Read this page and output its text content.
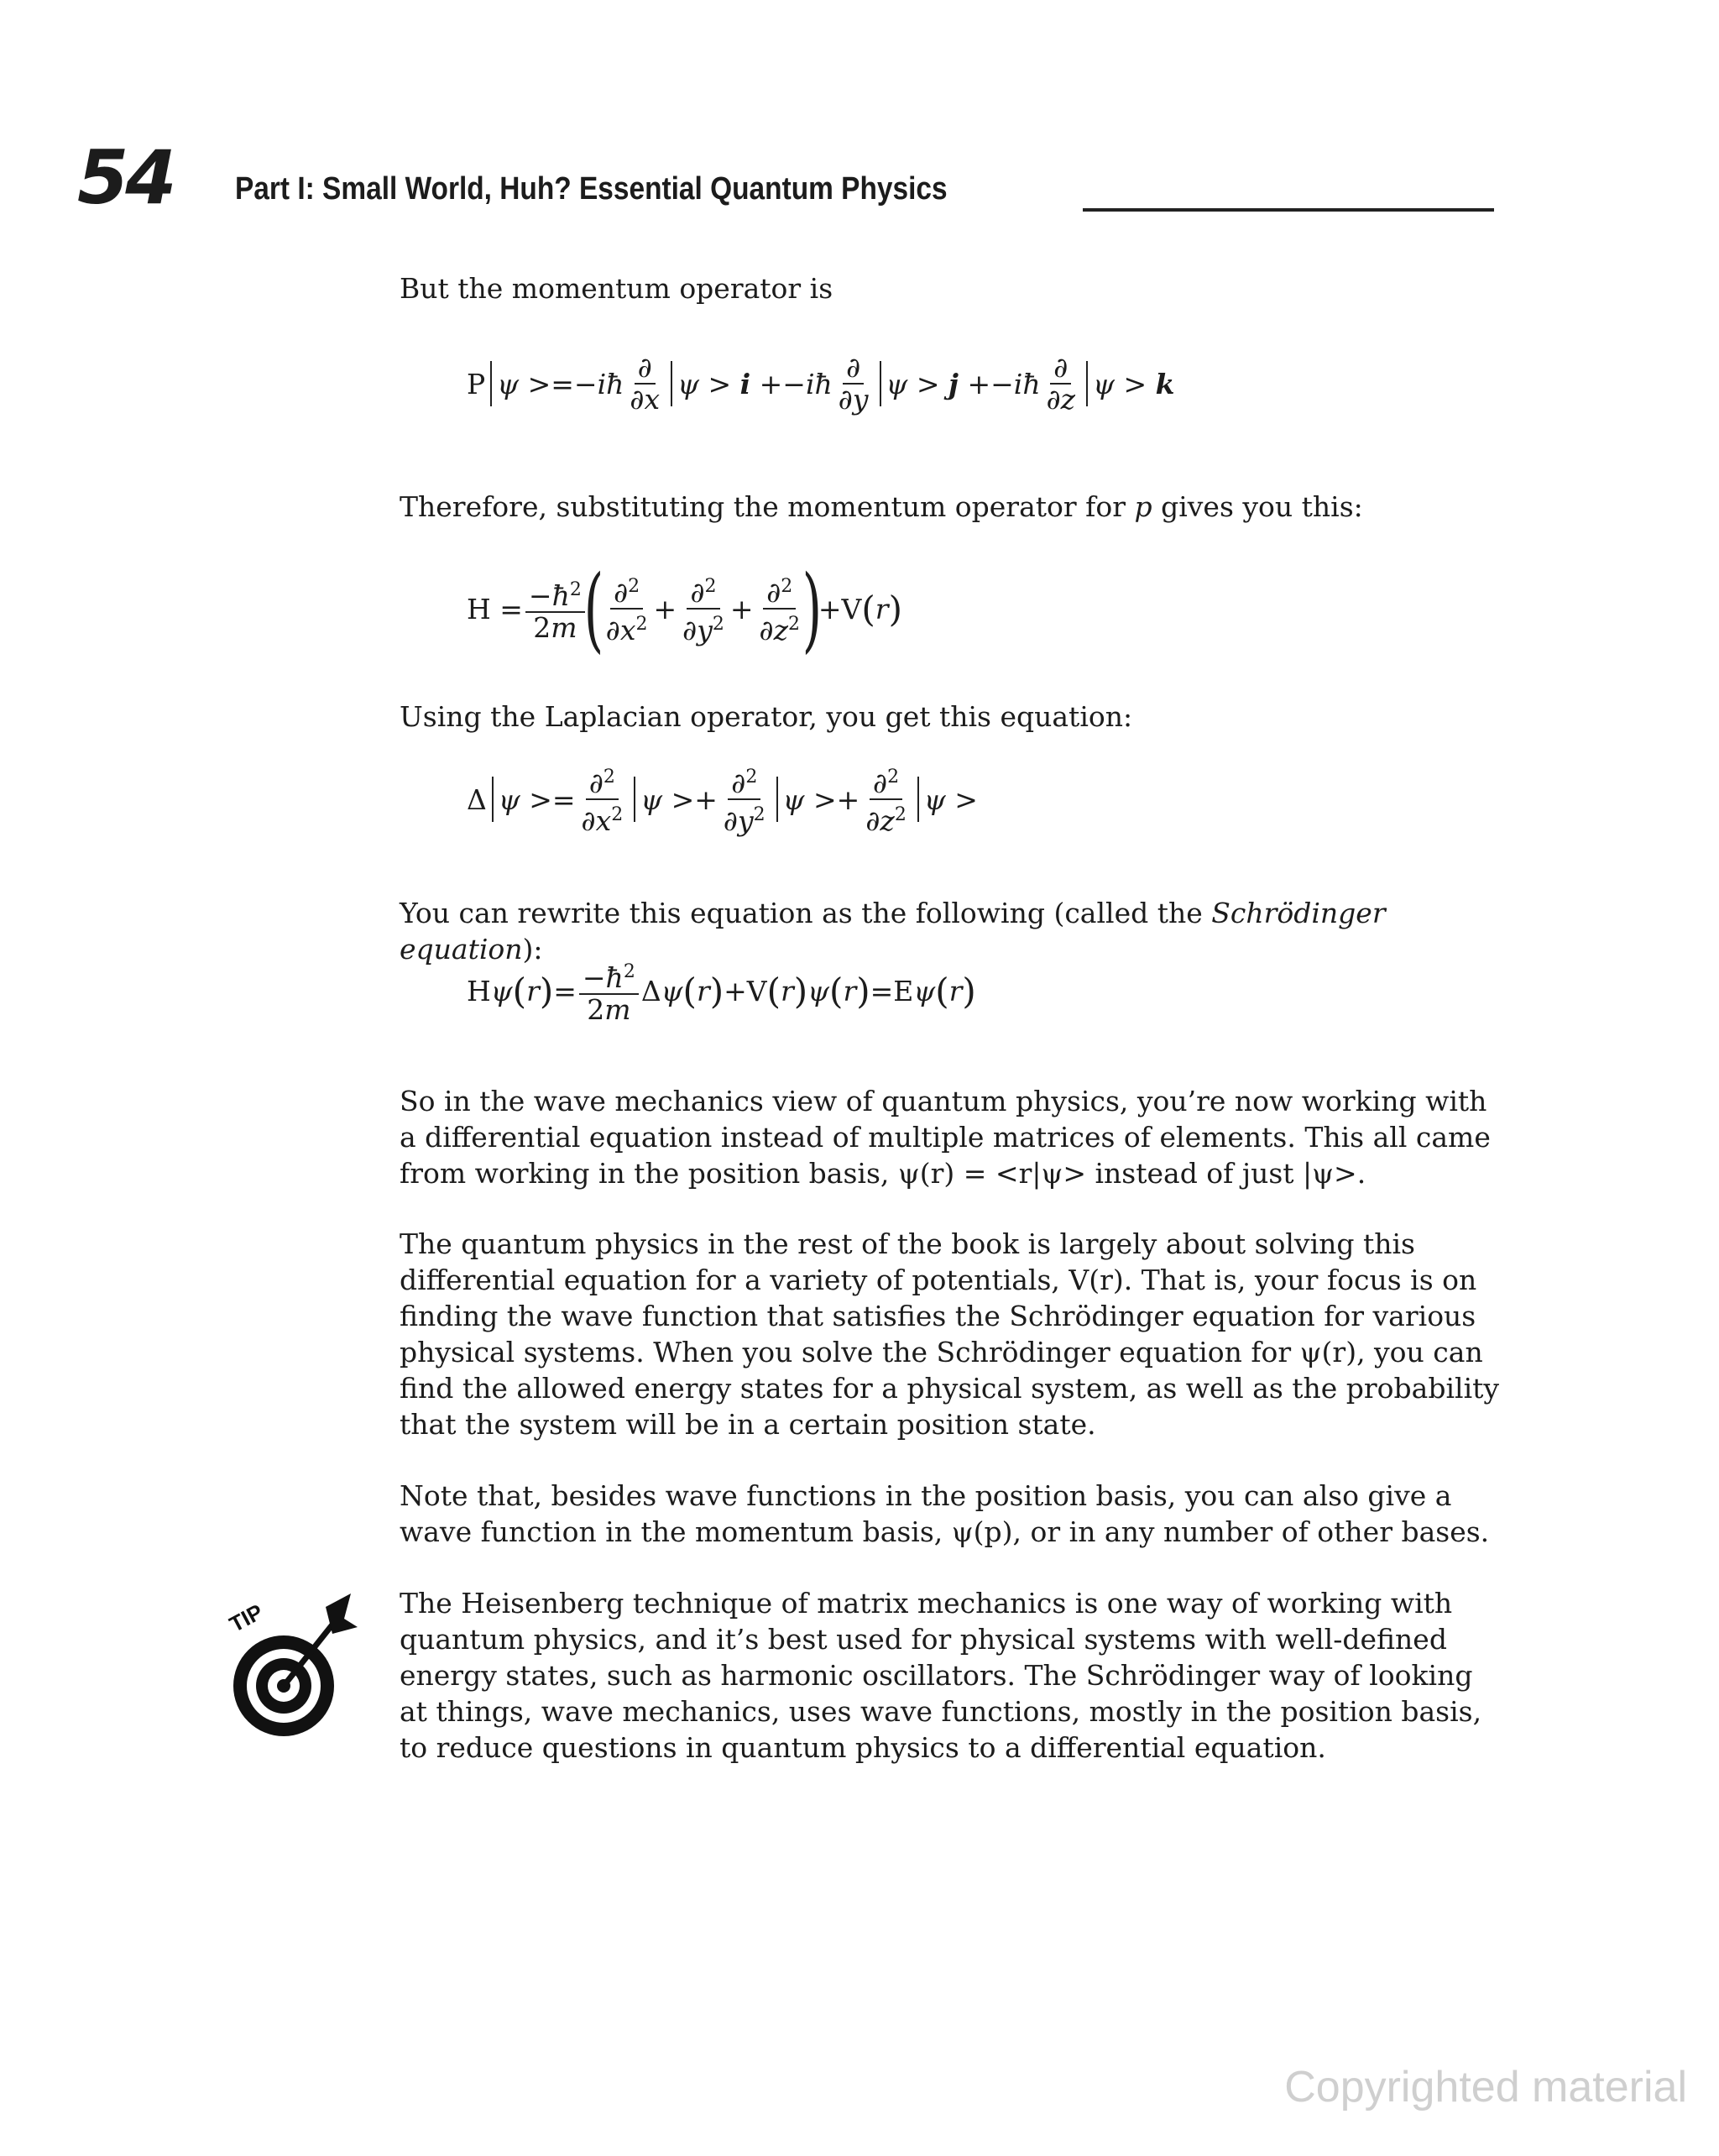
54 Part I: Small World, Huh? Essential Quantum Physics

But the momentum operator is

P ψ >=− iħ $\frac{\partial}{\partial x}$ ψ > i +− iħ $\frac{\partial}{\partial y}$ ψ > j +− iħ $\frac{\partial}{\partial z}$ ψ > k

Therefore, substituting the momentum operator for p gives you this:

$H = \frac{-ħ^2}{2m}$
(
$\frac{\partial^2}{\partial x^2} + \frac{\partial^2}{\partial y^2} + \frac{\partial^2}{\partial z^2}$
)
+V ( r )

Using the Laplacian operator, you get this equation:

Δ $\psi >= \frac{\partial^2}{\partial x^2}$ $\psi >+ \frac{\partial^2}{\partial y^2}$ $\psi >+ \frac{\partial^2}{\partial z^2}$ ψ >

You can rewrite this equation as the following (called the Schrödinger equation):

H ψ ( r ) = $\frac{-ħ^2}{2m}$ Δ ψ ( r ) +V ( r ) ψ ( r ) =E ψ ( r )

So in the wave mechanics view of quantum physics, you’re now working with a differential equation instead of multiple matrices of elements. This all came from working in the position basis, ψ(r) = <r|ψ> instead of just |ψ>.

The quantum physics in the rest of the book is largely about solving this differential equation for a variety of potentials, V(r). That is, your focus is on finding the wave function that satisfies the Schrödinger equation for various physical systems. When you solve the Schrödinger equation for ψ(r), you can find the allowed energy states for a physical system, as well as the probability that the system will be in a certain position state.

Note that, besides wave functions in the position basis, you can also give a wave function in the momentum basis, ψ(p), or in any number of other bases.

TIP	The Heisenberg technique of matrix mechanics is one way of working with quantum physics, and it’s best used for physical systems with well-defined energy states, such as harmonic oscillators. The Schrödinger way of looking at things, wave mechanics, uses wave functions, mostly in the position basis, to reduce questions in quantum physics to a differential equation.

Copyrighted material
